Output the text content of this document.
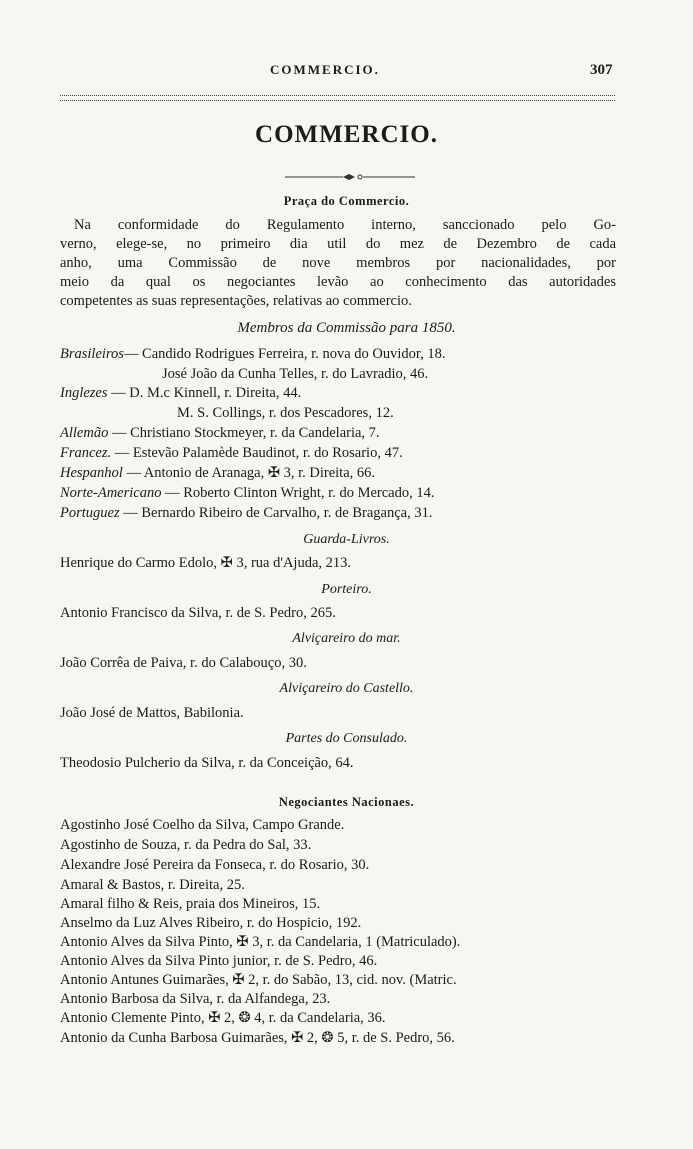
COMMERCIO.	307
COMMERCIO.
Praça do Commercio.
Na conformidade do Regulamento interno, sanccionado pelo Go-
verno, elege-se, no primeiro dia util do mez de Dezembro de cada
anho, uma Commissão de nove membros por nacionalidades, por
meio da qual os negociantes levão ao conhecimento das autoridades
competentes as suas representações, relativas ao commercio.
Membros da Commissão para 1850.
Brasileiros— Candido Rodrigues Ferreira, r. nova do Ouvidor, 18.
José João da Cunha Telles, r. do Lavradio, 46.
Inglezes — D. M.c Kinnell, r. Direita, 44.
M. S. Collings, r. dos Pescadores, 12.
Allemão — Christiano Stockmeyer, r. da Candelaria, 7.
Francez. — Estevão Palamède Baudinot, r. do Rosario, 47.
Hespanhol — Antonio de Aranaga, ✠ 3, r. Direita, 66.
Norte-Americano — Roberto Clinton Wright, r. do Mercado, 14.
Portuguez — Bernardo Ribeiro de Carvalho, r. de Bragança, 31.
Guarda-Livros.
Henrique do Carmo Edolo, ✠ 3, rua d'Ajuda, 213.
Porteiro.
Antonio Francisco da Silva, r. de S. Pedro, 265.
Alviçareiro do mar.
João Corrêa de Paiva, r. do Calabouço, 30.
Alviçareiro do Castello.
João José de Mattos, Babilonia.
Partes do Consulado.
Theodosio Pulcherio da Silva, r. da Conceição, 64.
Negociantes Nacionaes.
Agostinho José Coelho da Silva, Campo Grande.
Agostinho de Souza, r. da Pedra do Sal, 33.
Alexandre José Pereira da Fonseca, r. do Rosario, 30.
Amaral & Bastos, r. Direita, 25.
Amaral filho & Reis, praia dos Mineiros, 15.
Anselmo da Luz Alves Ribeiro, r. do Hospicio, 192.
Antonio Alves da Silva Pinto, ✠ 3, r. da Candelaria, 1 (Matriculado).
Antonio Alves da Silva Pinto junior, r. de S. Pedro, 46.
Antonio Antunes Guimarães, ✠ 2, r. do Sabão, 13, cid. nov. (Matric.
Antonio Barbosa da Silva, r. da Alfandega, 23.
Antonio Clemente Pinto, ✠ 2, ❂ 4, r. da Candelaria, 36.
Antonio da Cunha Barbosa Guimarães, ✠ 2, ❂ 5, r. de S. Pedro, 56.
